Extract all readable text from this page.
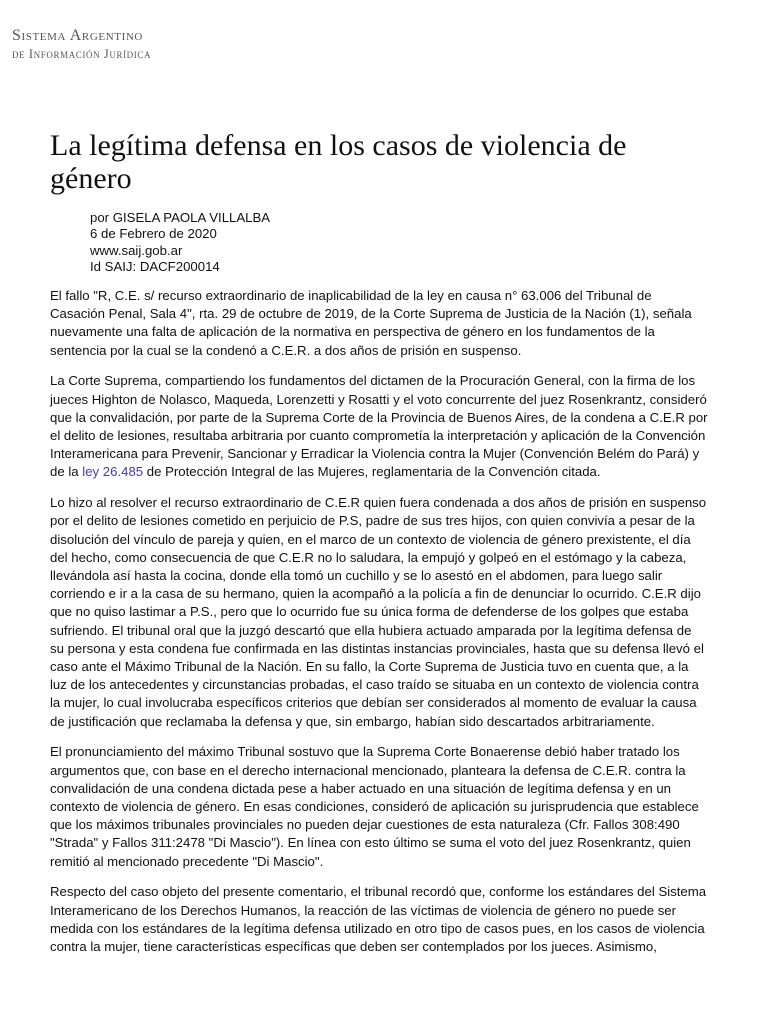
Sistema Argentino
de Información Jurídica
La legítima defensa en los casos de violencia de género
por GISELA PAOLA VILLALBA
6 de Febrero de 2020
www.saij.gob.ar
Id SAIJ: DACF200014

El fallo "R, C.E. s/ recurso extraordinario de inaplicabilidad de la ley en causa n° 63.006 del Tribunal de Casación Penal, Sala 4", rta. 29 de octubre de 2019, de la Corte Suprema de Justicia de la Nación (1), señala nuevamente una falta de aplicación de la normativa en perspectiva de género en los fundamentos de la sentencia por la cual se la condenó a C.E.R. a dos años de prisión en suspenso.

La Corte Suprema, compartiendo los fundamentos del dictamen de la Procuración General, con la firma de los jueces Highton de Nolasco, Maqueda, Lorenzetti y Rosatti y el voto concurrente del juez Rosenkrantz, consideró que la convalidación, por parte de la Suprema Corte de la Provincia de Buenos Aires, de la condena a C.E.R por el delito de lesiones, resultaba arbitraria por cuanto comprometía la interpretación y aplicación de la Convención Interamericana para Prevenir, Sancionar y Erradicar la Violencia contra la Mujer (Convención Belém do Pará) y de la ley 26.485 de Protección Integral de las Mujeres, reglamentaria de la Convención citada.

Lo hizo al resolver el recurso extraordinario de C.E.R quien fuera condenada a dos años de prisión en suspenso por el delito de lesiones cometido en perjuicio de P.S, padre de sus tres hijos, con quien convivía a pesar de la disolución del vínculo de pareja y quien, en el marco de un contexto de violencia de género prexistente, el día del hecho, como consecuencia de que C.E.R no lo saludara, la empujó y golpeó en el estómago y la cabeza, llevándola así hasta la cocina, donde ella tomó un cuchillo y se lo asestó en el abdomen, para luego salir corriendo e ir a la casa de su hermano, quien la acompañó a la policía a fin de denunciar lo ocurrido. C.E.R dijo que no quiso lastimar a P.S., pero que lo ocurrido fue su única forma de defenderse de los golpes que estaba sufriendo. El tribunal oral que la juzgó descartó que ella hubiera actuado amparada por la legítima defensa de su persona y esta condena fue confirmada en las distintas instancias provinciales, hasta que su defensa llevó el caso ante el Máximo Tribunal de la Nación. En su fallo, la Corte Suprema de Justicia tuvo en cuenta que, a la luz de los antecedentes y circunstancias probadas, el caso traído se situaba en un contexto de violencia contra la mujer, lo cual involucraba específicos criterios que debían ser considerados al momento de evaluar la causa de justificación que reclamaba la defensa y que, sin embargo, habían sido descartados arbitrariamente.

El pronunciamiento del máximo Tribunal sostuvo que la Suprema Corte Bonaerense debió haber tratado los argumentos que, con base en el derecho internacional mencionado, planteara la defensa de C.E.R. contra la convalidación de una condena dictada pese a haber actuado en una situación de legítima defensa y en un contexto de violencia de género. En esas condiciones, consideró de aplicación su jurisprudencia que establece que los máximos tribunales provinciales no pueden dejar cuestiones de esta naturaleza (Cfr. Fallos 308:490 "Strada" y Fallos 311:2478 "Di Mascio"). En línea con esto último se suma el voto del juez Rosenkrantz, quien remitió al mencionado precedente "Di Mascio".

Respecto del caso objeto del presente comentario, el tribunal recordó que, conforme los estándares del Sistema Interamericano de los Derechos Humanos, la reacción de las víctimas de violencia de género no puede ser medida con los estándares de la legítima defensa utilizado en otro tipo de casos pues, en los casos de violencia contra la mujer, tiene características específicas que deben ser contemplados por los jueces. Asimismo,
